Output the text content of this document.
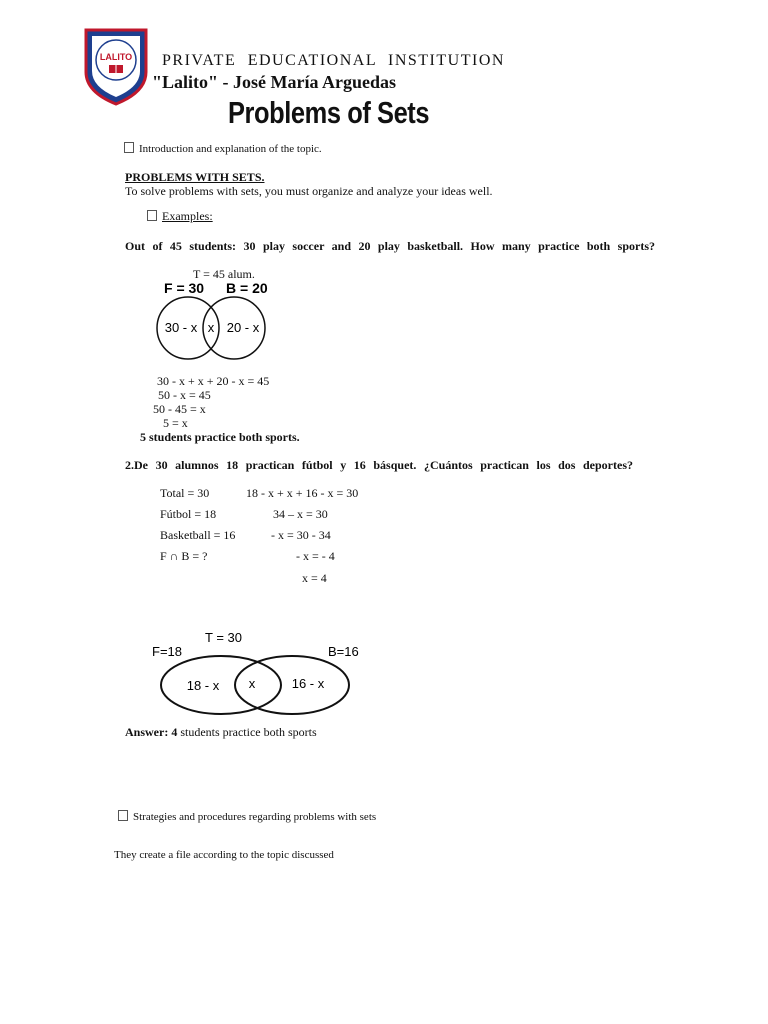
LALITO PRIVATE EDUCATIONAL INSTITUTION
"Lalito" - José María Arguedas
Problems of Sets
Introduction and explanation of the topic.
PROBLEMS WITH SETS.
To solve problems with sets, you must organize and analyze your ideas well.
Examples:
Out of 45 students: 30 play soccer and 20 play basketball. How many practice both sports?
T = 45 alum.
F = 30 B = 20
30 - x x 20 - x
30 - x + x + 20 - x = 45
50 - x = 45
50 - 45 = x
5 = x
5 students practice both sports.
2.De 30 alumnos 18 practican fútbol y 16 básquet. ¿Cuántos practican los dos deportes?
Total = 30
Fútbol = 18
Basketball = 16
F ∩ B = ?
18 - x + x + 16 - x = 30
34 – x = 30
- x = 30 - 34
- x = - 4
x = 4
T = 30
F=18	B=16
18 - x x	16 - x
Answer: 4 students practice both sports
Strategies and procedures regarding problems with sets
They create a file according to the topic discussed
